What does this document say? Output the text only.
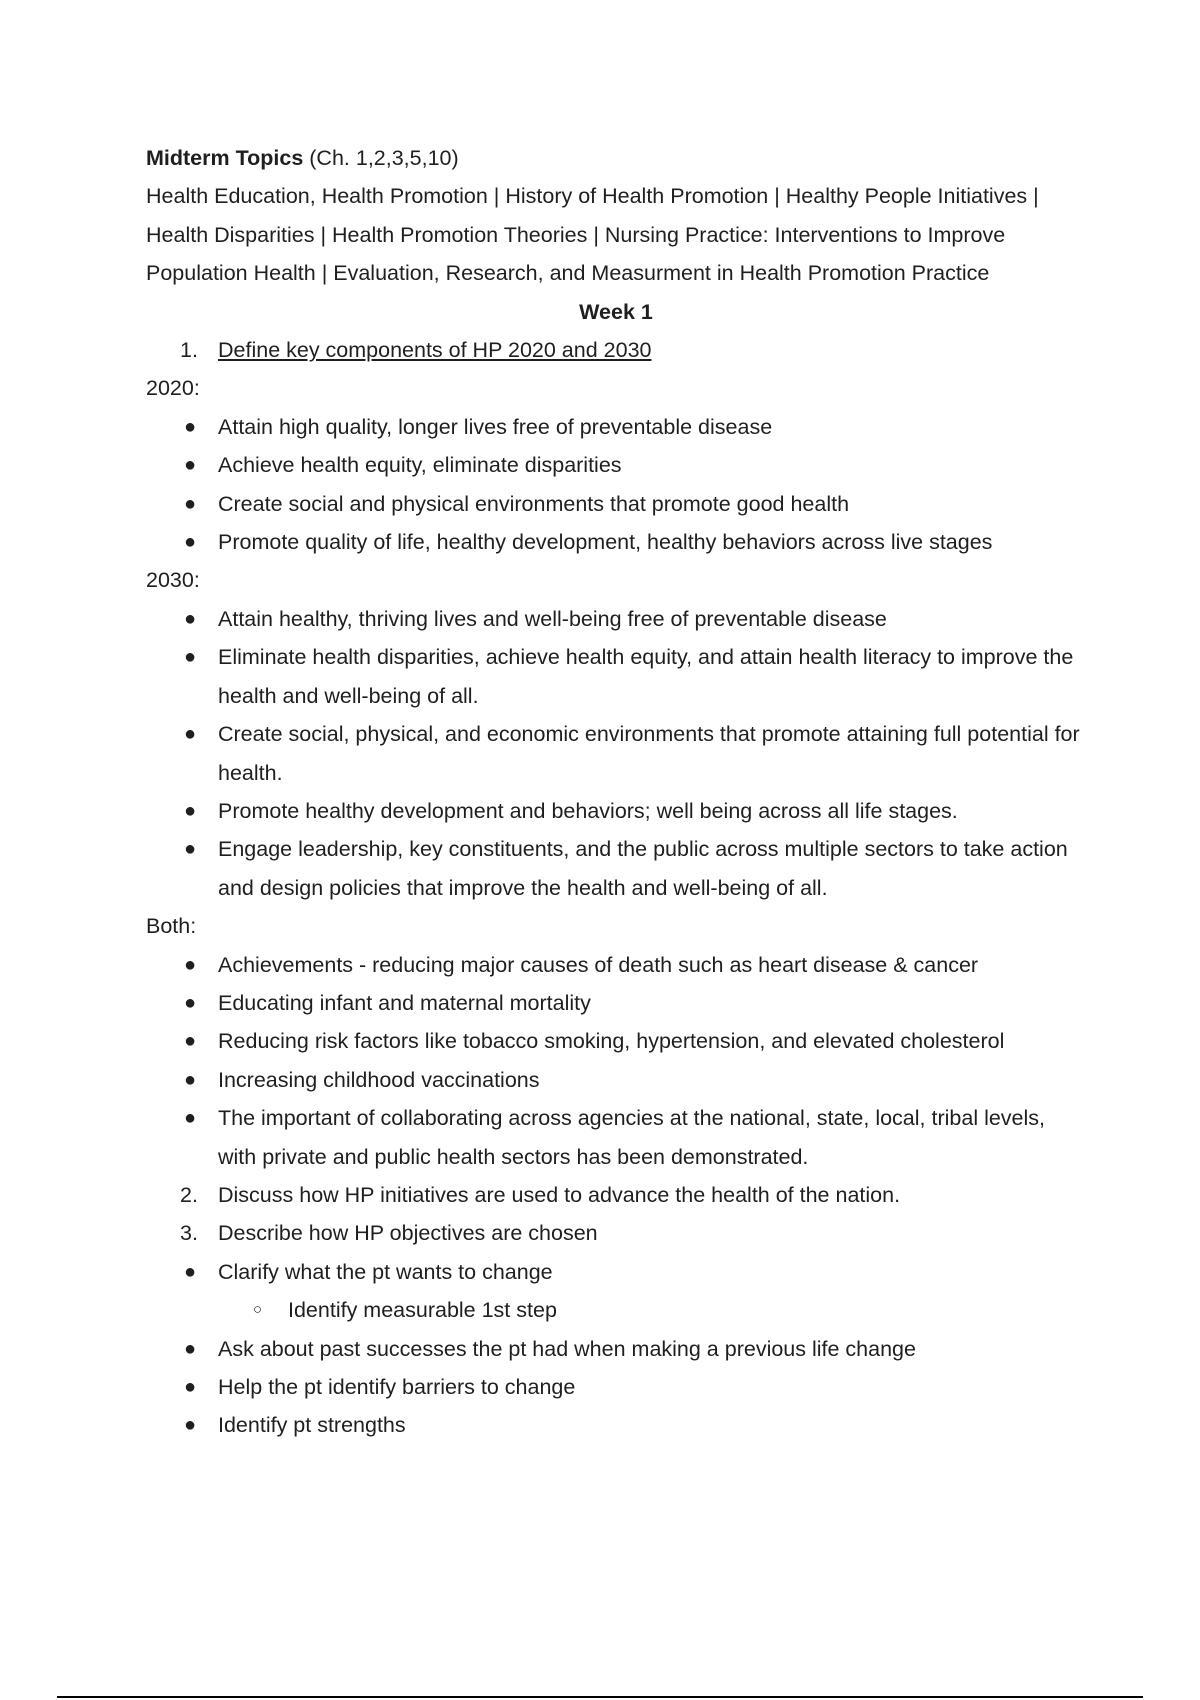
Midterm Topics (Ch. 1,2,3,5,10)
Health Education, Health Promotion | History of Health Promotion | Healthy People Initiatives |
Health Disparities | Health Promotion Theories | Nursing Practice: Interventions to Improve
Population Health | Evaluation, Research, and Measurment in Health Promotion Practice
Week 1
1. Define key components of HP 2020 and 2030
2020:
●	Attain high quality, longer lives free of preventable disease
●	Achieve health equity, eliminate disparities
●	Create social and physical environments that promote good health
●	Promote quality of life, healthy development, healthy behaviors across live stages
2030:
●	Attain healthy, thriving lives and well-being free of preventable disease
●	Eliminate health disparities, achieve health equity, and attain health literacy to improve the health and well-being of all.
●	Create social, physical, and economic environments that promote attaining full potential for health.
●	Promote healthy development and behaviors; well being across all life stages.
●	Engage leadership, key constituents, and the public across multiple sectors to take action and design policies that improve the health and well-being of all.
Both:
●	Achievements - reducing major causes of death such as heart disease & cancer
●	Educating infant and maternal mortality
●	Reducing risk factors like tobacco smoking, hypertension, and elevated cholesterol
●	Increasing childhood vaccinations
●	The important of collaborating across agencies at the national, state, local, tribal levels, with private and public health sectors has been demonstrated.
2. Discuss how HP initiatives are used to advance the health of the nation.
3. Describe how HP objectives are chosen
●	Clarify what the pt wants to change
○	Identify measurable 1st step
●	Ask about past successes the pt had when making a previous life change
●	Help the pt identify barriers to change
●	Identify pt strengths
